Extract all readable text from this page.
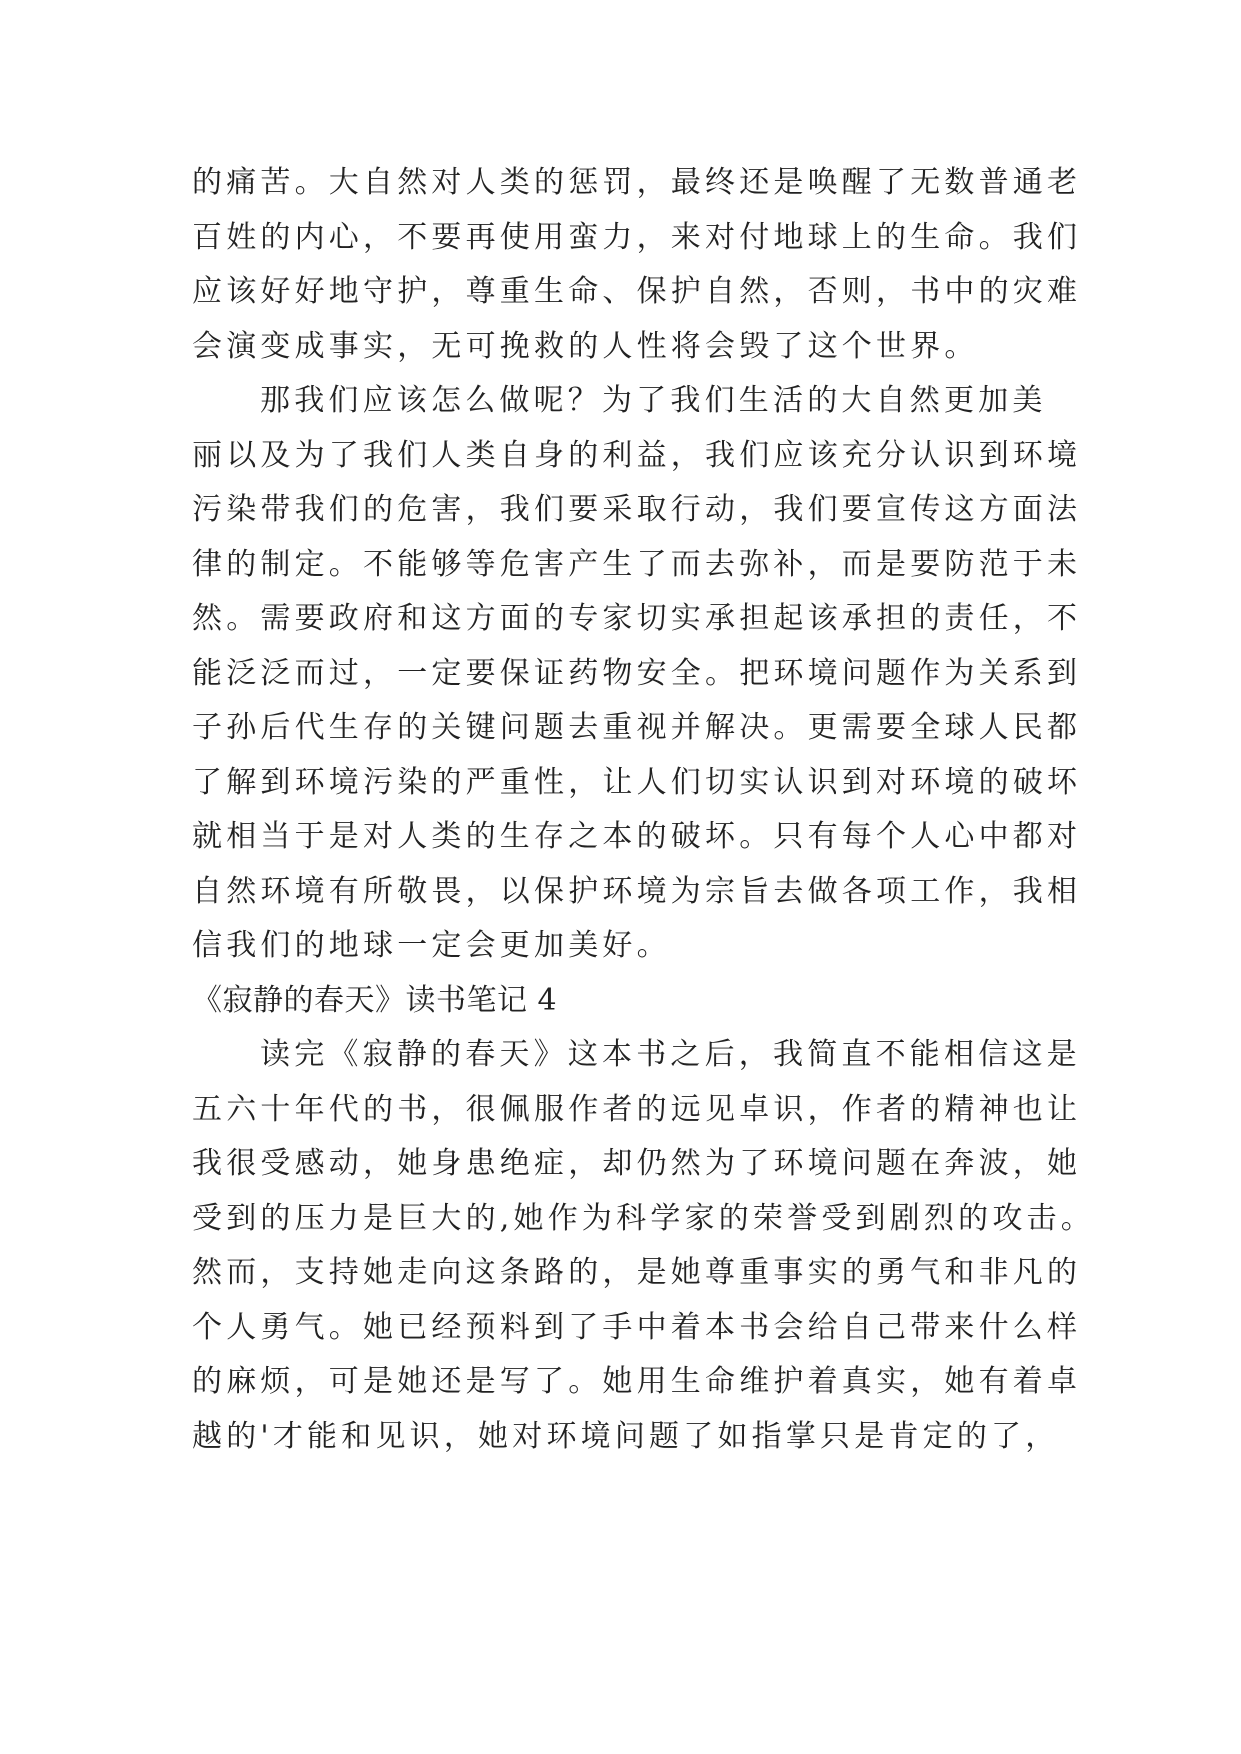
的痛苦。大自然对人类的惩罚，最终还是唤醒了无数普通老
百姓的内心，不要再使用蛮力，来对付地球上的生命。我们
应该好好地守护，尊重生命、保护自然，否则，书中的灾难
会演变成事实，无可挽救的人性将会毁了这个世界。
那我们应该怎么做呢？为了我们生活的大自然更加美
丽以及为了我们人类自身的利益，我们应该充分认识到环境
污染带我们的危害，我们要采取行动，我们要宣传这方面法
律的制定。不能够等危害产生了而去弥补，而是要防范于未
然。需要政府和这方面的专家切实承担起该承担的责任，不
能泛泛而过，一定要保证药物安全。把环境问题作为关系到
子孙后代生存的关键问题去重视并解决。更需要全球人民都
了解到环境污染的严重性，让人们切实认识到对环境的破坏
就相当于是对人类的生存之本的破坏。只有每个人心中都对
自然环境有所敬畏，以保护环境为宗旨去做各项工作，我相
信我们的地球一定会更加美好。
《寂静的春天》读书笔记 4
读完《寂静的春天》这本书之后，我简直不能相信这是
五六十年代的书，很佩服作者的远见卓识，作者的精神也让
我很受感动，她身患绝症，却仍然为了环境问题在奔波，她
受到的压力是巨大的,她作为科学家的荣誉受到剧烈的攻击。
然而，支持她走向这条路的，是她尊重事实的勇气和非凡的
个人勇气。她已经预料到了手中着本书会给自己带来什么样
的麻烦，可是她还是写了。她用生命维护着真实，她有着卓
越的'才能和见识，她对环境问题了如指掌只是肯定的了，
